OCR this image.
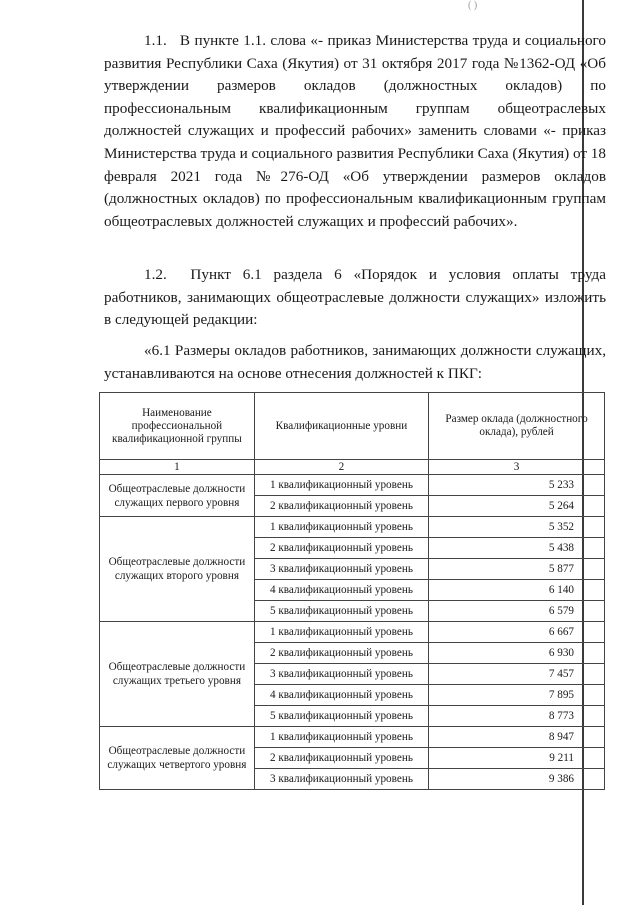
( )

1.1.   В пункте 1.1. слова «- приказ Министерства труда и социального развития Республики Саха (Якутия) от 31 октября 2017 года №1362-ОД «Об утверждении размеров окладов (должностных окладов) по профессиональным квалификационным группам общеотраслевых должностей служащих и профессий рабочих» заменить словами «- приказ Министерства труда и социального развития Республики Саха (Якутия) от 18 февраля 2021 года №276-ОД «Об утверждении размеров окладов (должностных окладов) по профессиональным квалификационным группам общеотраслевых должностей служащих и профессий рабочих».

1.2.  Пункт 6.1 раздела 6 «Порядок и условия оплаты труда работников, занимающих общеотраслевые должности служащих» изложить в следующей редакции:

«6.1 Размеры окладов работников, занимающих должности служащих, устанавливаются на основе отнесения должностей к ПКГ:

Наименование профессиональной квалификационной группы	Квалификационные уровни	Размер оклада (должностного оклада), рублей
1	2	3
Общеотраслевые должности служащих первого уровня	1 квалификационный уровень	5 233
	2 квалификационный уровень	5 264
Общеотраслевые должности служащих второго уровня	1 квалификационный уровень	5 352
	2 квалификационный уровень	5 438
	3 квалификационный уровень	5 877
	4 квалификационный уровень	6 140
	5 квалификационный уровень	6 579
Общеотраслевые должности служащих третьего уровня	1 квалификационный уровень	6 667
	2 квалификационный уровень	6 930
	3 квалификационный уровень	7 457
	4 квалификационный уровень	7 895
	5 квалификационный уровень	8 773
Общеотраслевые должности служащих четвертого уровня	1 квалификационный уровень	8 947
	2 квалификационный уровень	9 211
	3 квалификационный уровень	9 386
